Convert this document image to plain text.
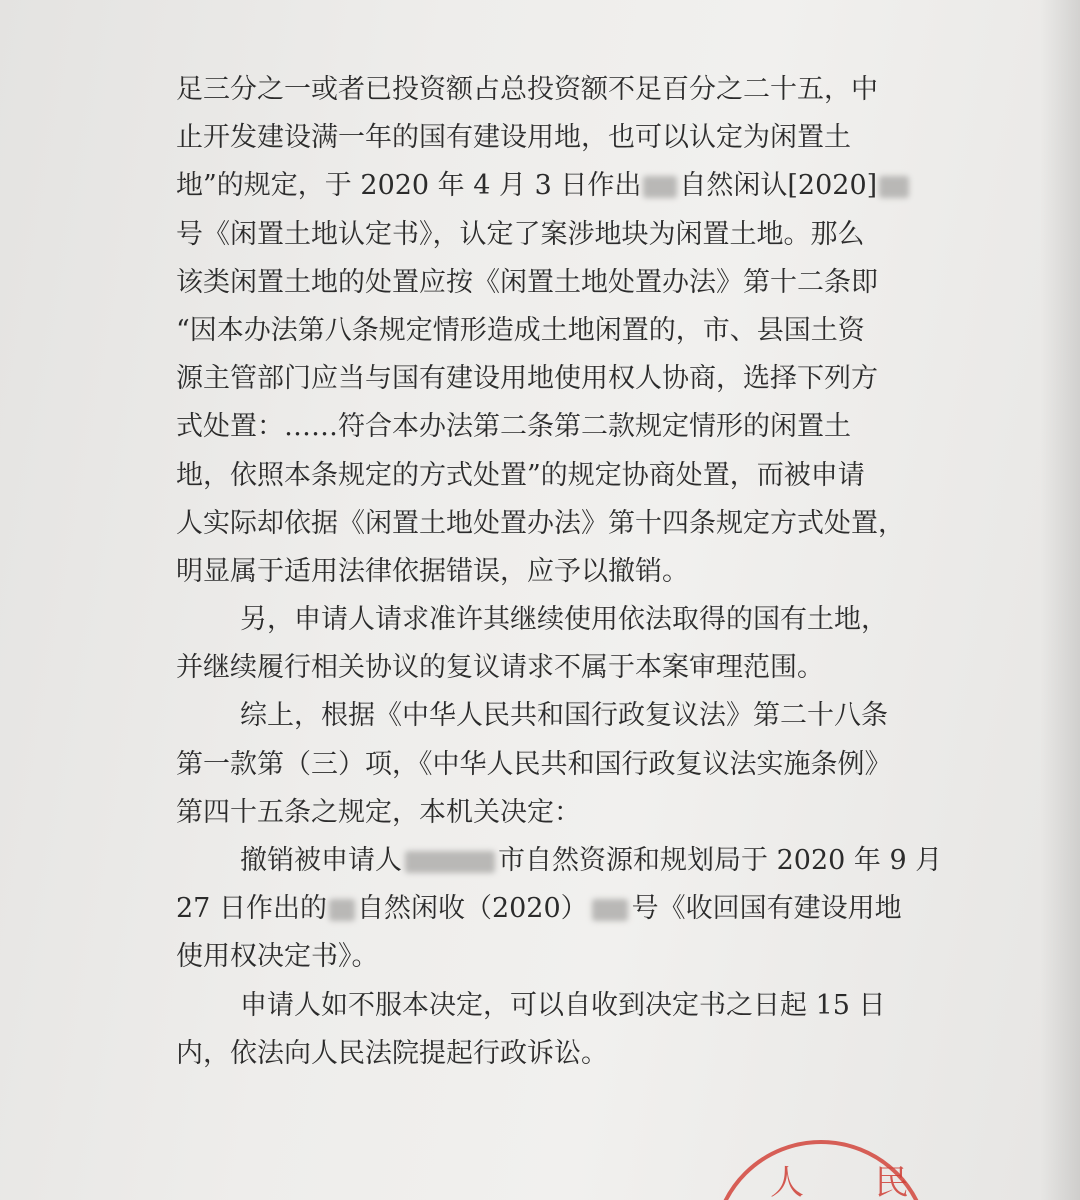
足三分之一或者已投资额占总投资额不足百分之二十五，中
止开发建设满一年的国有建设用地，也可以认定为闲置土
地”的规定，于 2020 年 4 月 3 日作出 自然闲认[2020]
号《闲置土地认定书》，认定了案涉地块为闲置土地。那么
该类闲置土地的处置应按《闲置土地处置办法》第十二条即
“因本办法第八条规定情形造成土地闲置的，市、县国土资
源主管部门应当与国有建设用地使用权人协商，选择下列方
式处置：……符合本办法第二条第二款规定情形的闲置土
地，依照本条规定的方式处置”的规定协商处置，而被申请
人实际却依据《闲置土地处置办法》第十四条规定方式处置，
明显属于适用法律依据错误，应予以撤销。
另，申请人请求准许其继续使用依法取得的国有土地，
并继续履行相关协议的复议请求不属于本案审理范围。
综上，根据《中华人民共和国行政复议法》第二十八条
第一款第（三）项，《中华人民共和国行政复议法实施条例》
第四十五条之规定，本机关决定：
撤销被申请人	市自然资源和规划局于 2020 年 9 月
27 日作出的 自然闲收（2020） 号《收回国有建设用地
使用权决定书》。
申请人如不服本决定，可以自收到决定书之日起 15 日
内，依法向人民法院提起行政诉讼。
人 民
